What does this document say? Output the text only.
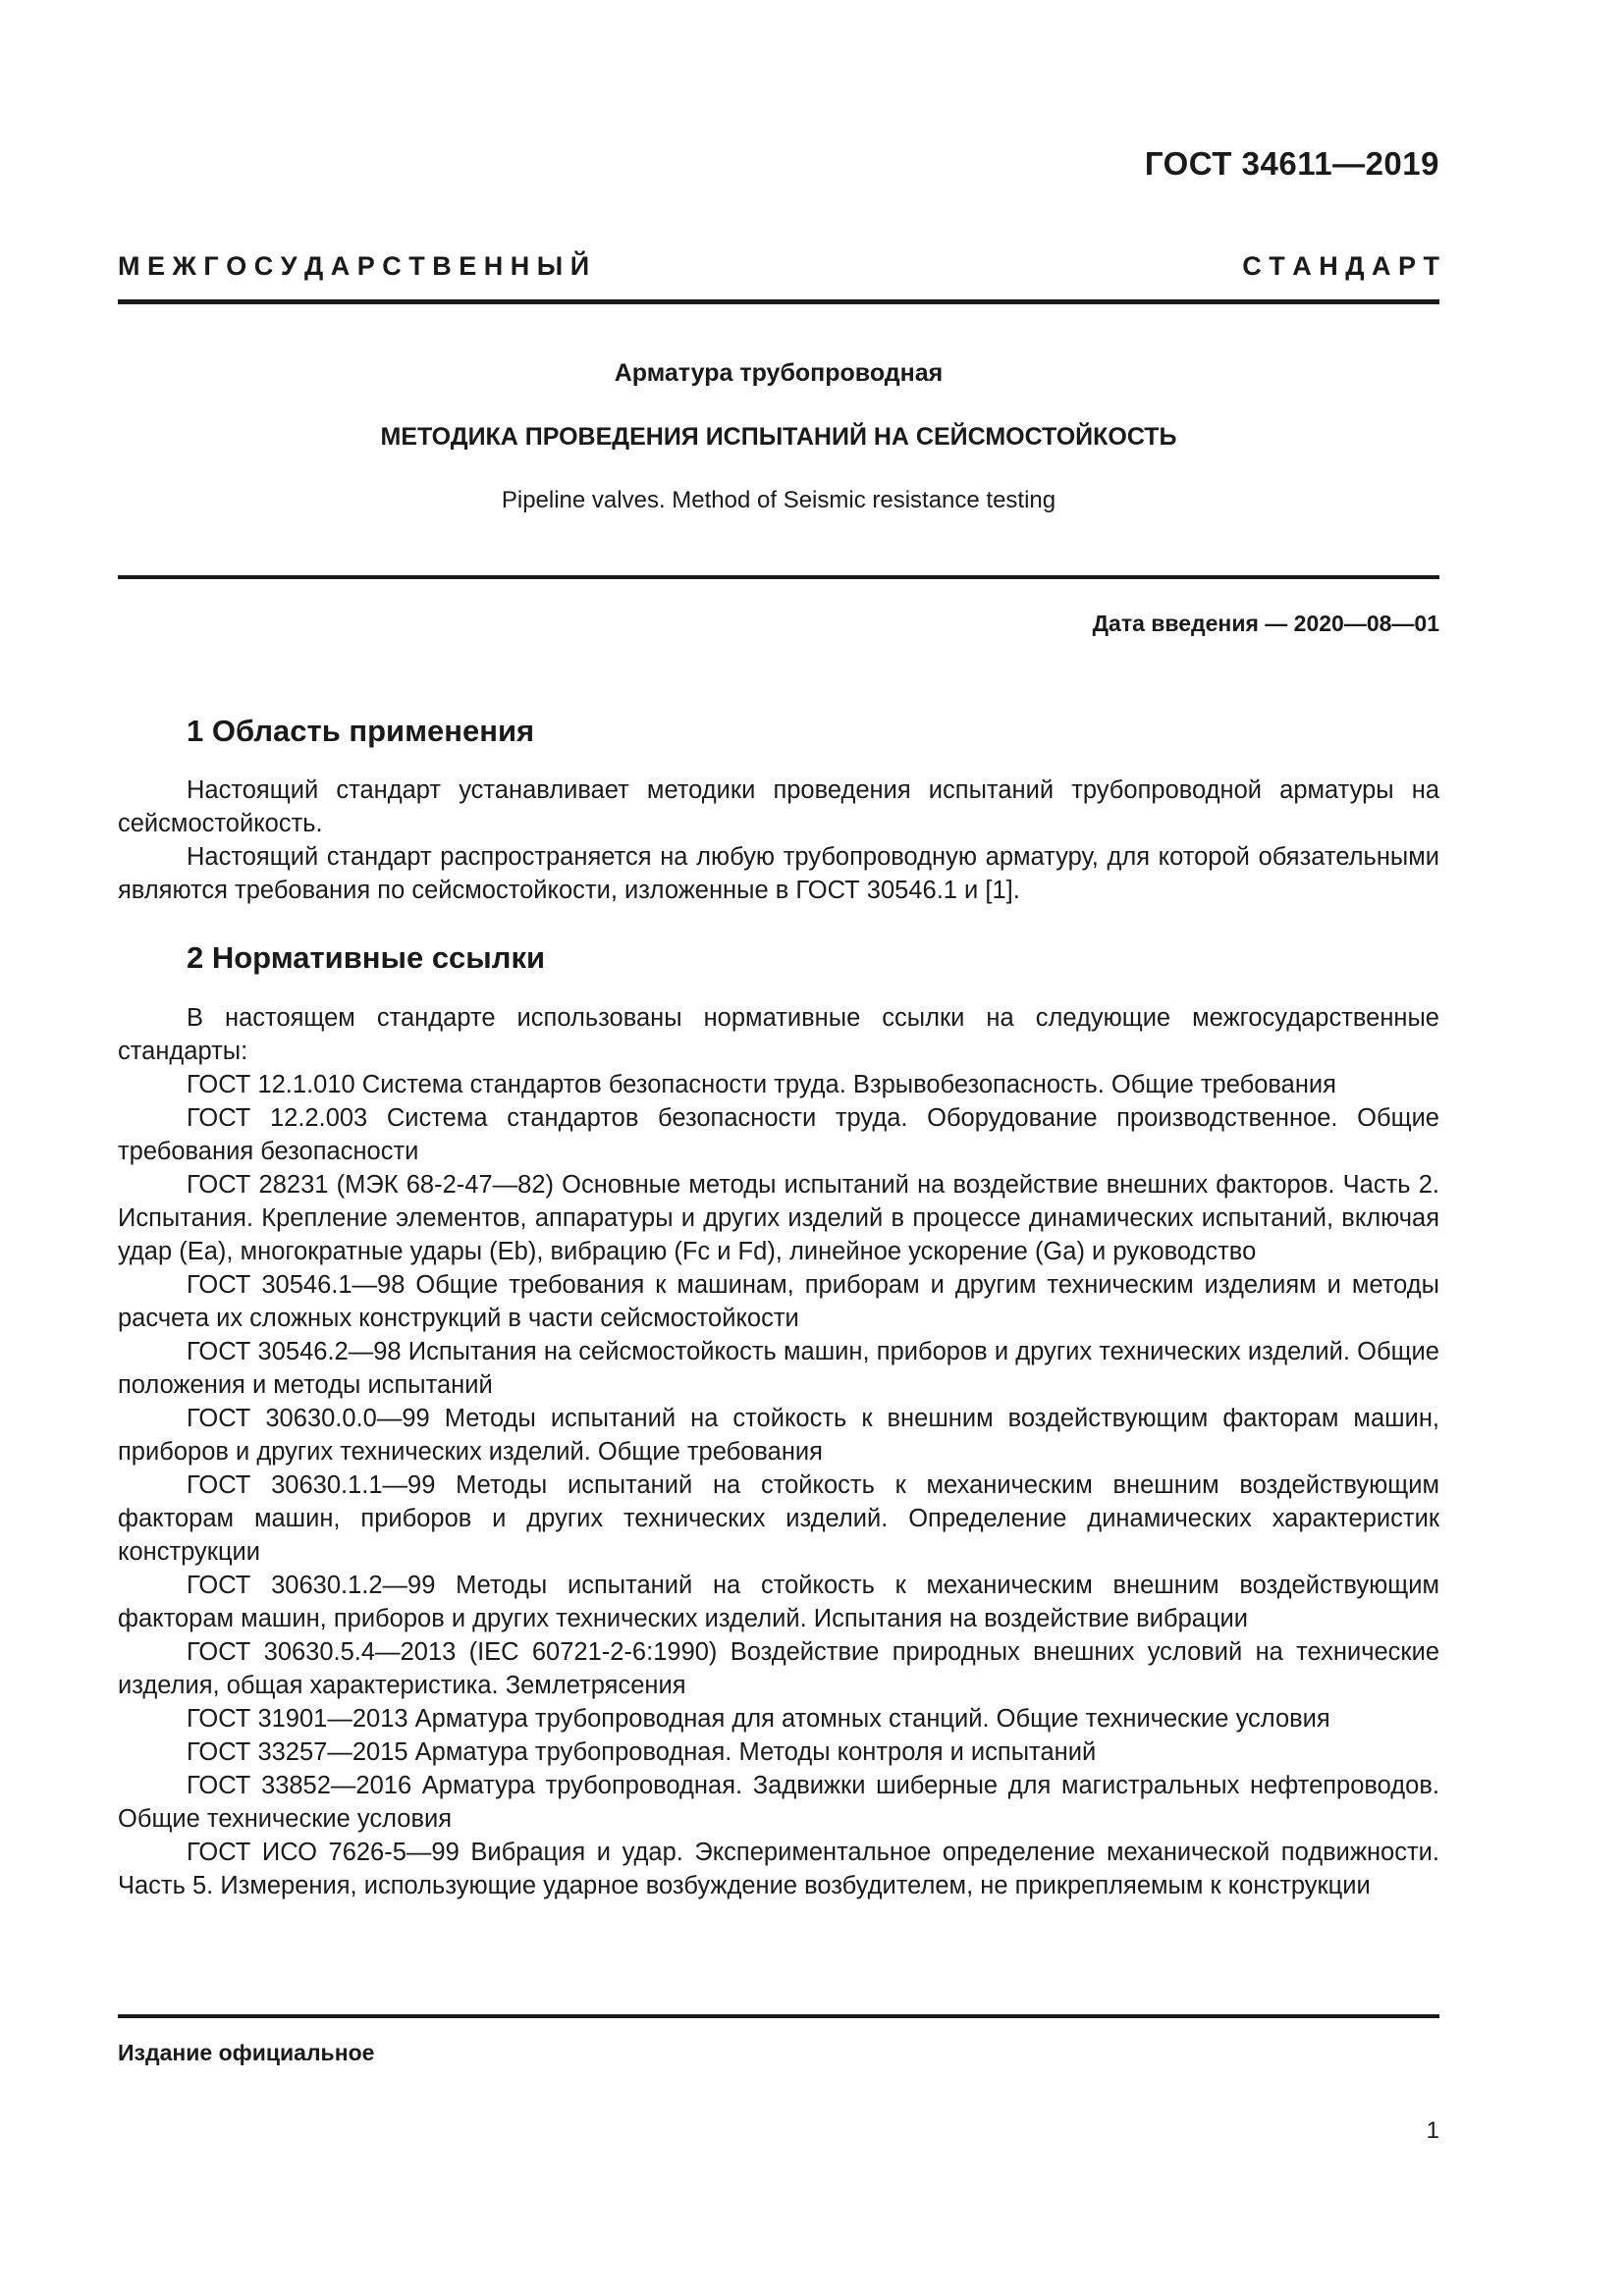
ГОСТ 34611—2019
М Е Ж Г О С У Д А Р С Т В Е Н Н Ы Й	С Т А Н Д А Р Т
Арматура трубопроводная
МЕТОДИКА ПРОВЕДЕНИЯ ИСПЫТАНИЙ НА СЕЙСМОСТОЙКОСТЬ
Pipeline valves. Method of Seismic resistance testing
Дата введения — 2020—08—01
1 Область применения

Настоящий стандарт устанавливает методики проведения испытаний трубопроводной арматуры на сейсмостойкость.

Настоящий стандарт распространяется на любую трубопроводную арматуру, для которой обязательными являются требования по сейсмостойкости, изложенные в ГОСТ 30546.1 и [1].

2 Нормативные ссылки

В настоящем стандарте использованы нормативные ссылки на следующие межгосударственные стандарты:

ГОСТ 12.1.010 Система стандартов безопасности труда. Взрывобезопасность. Общие требования

ГОСТ 12.2.003 Система стандартов безопасности труда. Оборудование производственное. Общие требования безопасности

ГОСТ 28231 (МЭК 68-2-47—82) Основные методы испытаний на воздействие внешних факторов. Часть 2. Испытания. Крепление элементов, аппаратуры и других изделий в процессе динамических испытаний, включая удар (Ea), многократные удары (Eb), вибрацию (Fc и Fd), линейное ускорение (Ga) и руководство

ГОСТ 30546.1—98 Общие требования к машинам, приборам и другим техническим изделиям и методы расчета их сложных конструкций в части сейсмостойкости

ГОСТ 30546.2—98 Испытания на сейсмостойкость машин, приборов и других технических изделий. Общие положения и методы испытаний

ГОСТ 30630.0.0—99 Методы испытаний на стойкость к внешним воздействующим факторам машин, приборов и других технических изделий. Общие требования

ГОСТ 30630.1.1—99 Методы испытаний на стойкость к механическим внешним воздействующим факторам машин, приборов и других технических изделий. Определение динамических характеристик конструкции

ГОСТ 30630.1.2—99 Методы испытаний на стойкость к механическим внешним воздействующим факторам машин, приборов и других технических изделий. Испытания на воздействие вибрации

ГОСТ 30630.5.4—2013 (IEC 60721-2-6:1990) Воздействие природных внешних условий на технические изделия, общая характеристика. Землетрясения

ГОСТ 31901—2013 Арматура трубопроводная для атомных станций. Общие технические условия

ГОСТ 33257—2015 Арматура трубопроводная. Методы контроля и испытаний

ГОСТ 33852—2016 Арматура трубопроводная. Задвижки шиберные для магистральных нефтепроводов. Общие технические условия

ГОСТ ИСО 7626-5—99 Вибрация и удар. Экспериментальное определение механической подвижности. Часть 5. Измерения, использующие ударное возбуждение возбудителем, не прикрепляемым к конструкции

Издание официальное
1
